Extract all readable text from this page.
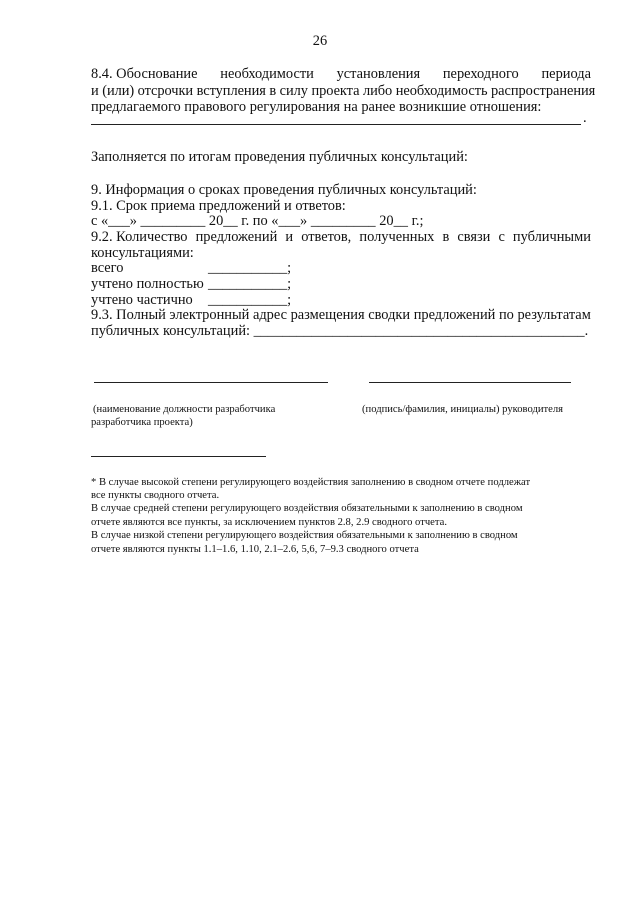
26
8.4. Обоснование необходимости установления переходного периода
и (или) отсрочки вступления в силу проекта либо необходимость распространения
предлагаемого правового регулирования на ранее возникшие отношения:
.
Заполняется по итогам проведения публичных консультаций:
9. Информация о сроках проведения публичных консультаций:
9.1. Срок приема предложений и ответов:
с «___» _________ 20__ г. по «___» _________ 20__ г.;
9.2. Количество предложений и ответов, полученных в связи с публичными
консультациями:
всего	___________;
учтено полностью ___________;
учтено частично ___________;
9.3. Полный электронный адрес размещения сводки предложений по результатам
публичных консультаций: ______________________________________________.
(наименование должности разработчика
разработчика проекта)
(подпись/фамилия, инициалы) руководителя
* В случае высокой степени регулирующего воздействия заполнению в сводном отчете подлежат
все пункты сводного отчета.
В случае средней степени регулирующего воздействия обязательными к заполнению в сводном
отчете являются все пункты, за исключением пунктов 2.8, 2.9 сводного отчета.
В случае низкой степени регулирующего воздействия обязательными к заполнению в сводном
отчете являются пункты 1.1–1.6, 1.10, 2.1–2.6, 5,6, 7–9.3 сводного отчета
